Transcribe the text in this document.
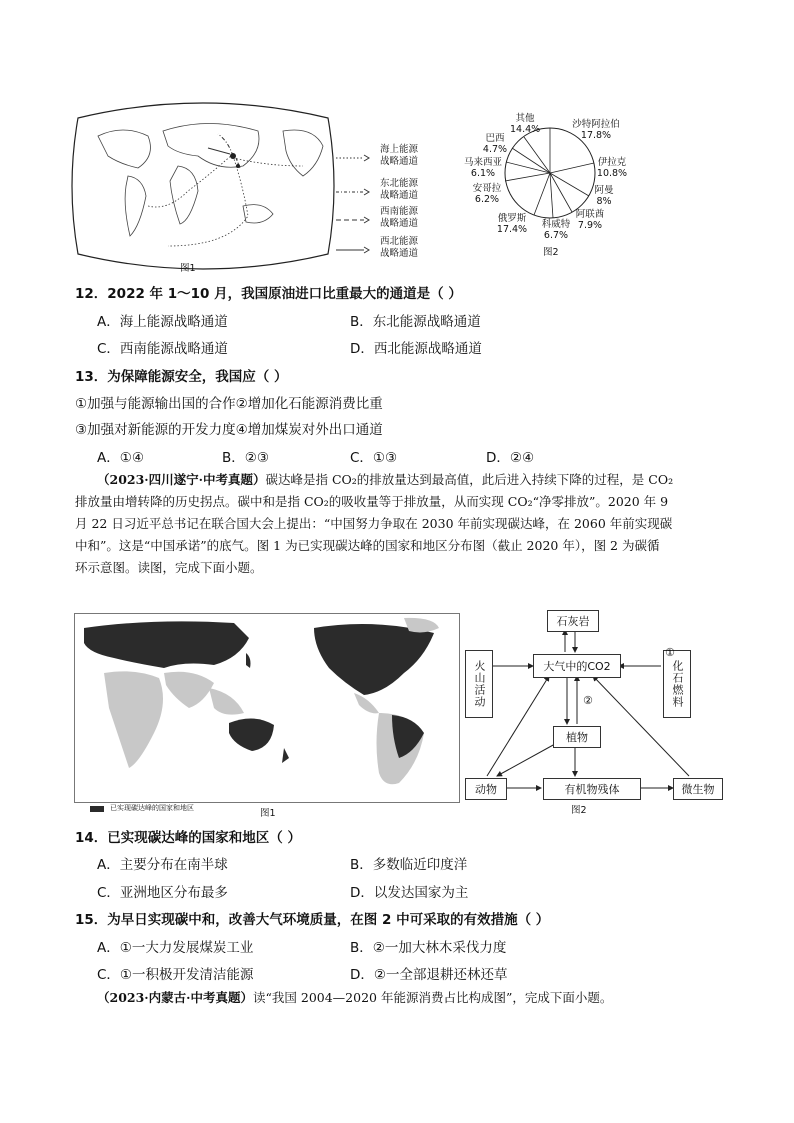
图1
海上能源
战略通道
东北能源
战略通道
西南能源
战略通道
西北能源
战略通道
其他
14.4%	沙特阿拉伯
17.8%
伊拉克
10.8%
阿曼
8%
阿联酋
7.9%
科威特
6.7%
俄罗斯
17.4%
安哥拉
6.2%
马来西亚
6.1%
巴西
4.7%
图2
12．2022 年 1～10 月，我国原油进口比重最大的通道是（ ）
A．海上能源战略通道	B．东北能源战略通道
C．西南能源战略通道	D．西北能源战略通道
13．为保障能源安全，我国应（ ）
①加强与能源输出国的合作②增加化石能源消费比重
③加强对新能源的开发力度④增加煤炭对外出口通道
A．①④	B．②③	C．①③	D．②④
（2023·四川遂宁·中考真题）碳达峰是指 CO₂的排放量达到最高值，此后进入持续下降的过程，是 CO₂
排放量由增转降的历史拐点。碳中和是指 CO₂的吸收量等于排放量，从而实现 CO₂“净零排放”。2020 年 9
月 22 日习近平总书记在联合国大会上提出：“中国努力争取在 2030 年前实现碳达峰，在 2060 年前实现碳
中和”。这是“中国承诺”的底气。图 1 为已实现碳达峰的国家和地区分布图（截止 2020 年），图 2 为碳循
环示意图。读图，完成下面小题。
已实现碳达峰的国家和地区	图1
石灰岩
大气中的CO2
火山活动	化石燃料
植物
动物	有机物残体	微生物
①
②
图2
14．已实现碳达峰的国家和地区（ ）
A．主要分布在南半球	B．多数临近印度洋
C．亚洲地区分布最多	D．以发达国家为主
15．为早日实现碳中和，改善大气环境质量，在图 2 中可采取的有效措施（ ）
A．①一大力发展煤炭工业	B．②一加大林木采伐力度
C．①一积极开发清洁能源	D．②一全部退耕还林还草
（2023·内蒙古·中考真题）读“我国 2004—2020 年能源消费占比构成图”，完成下面小题。
